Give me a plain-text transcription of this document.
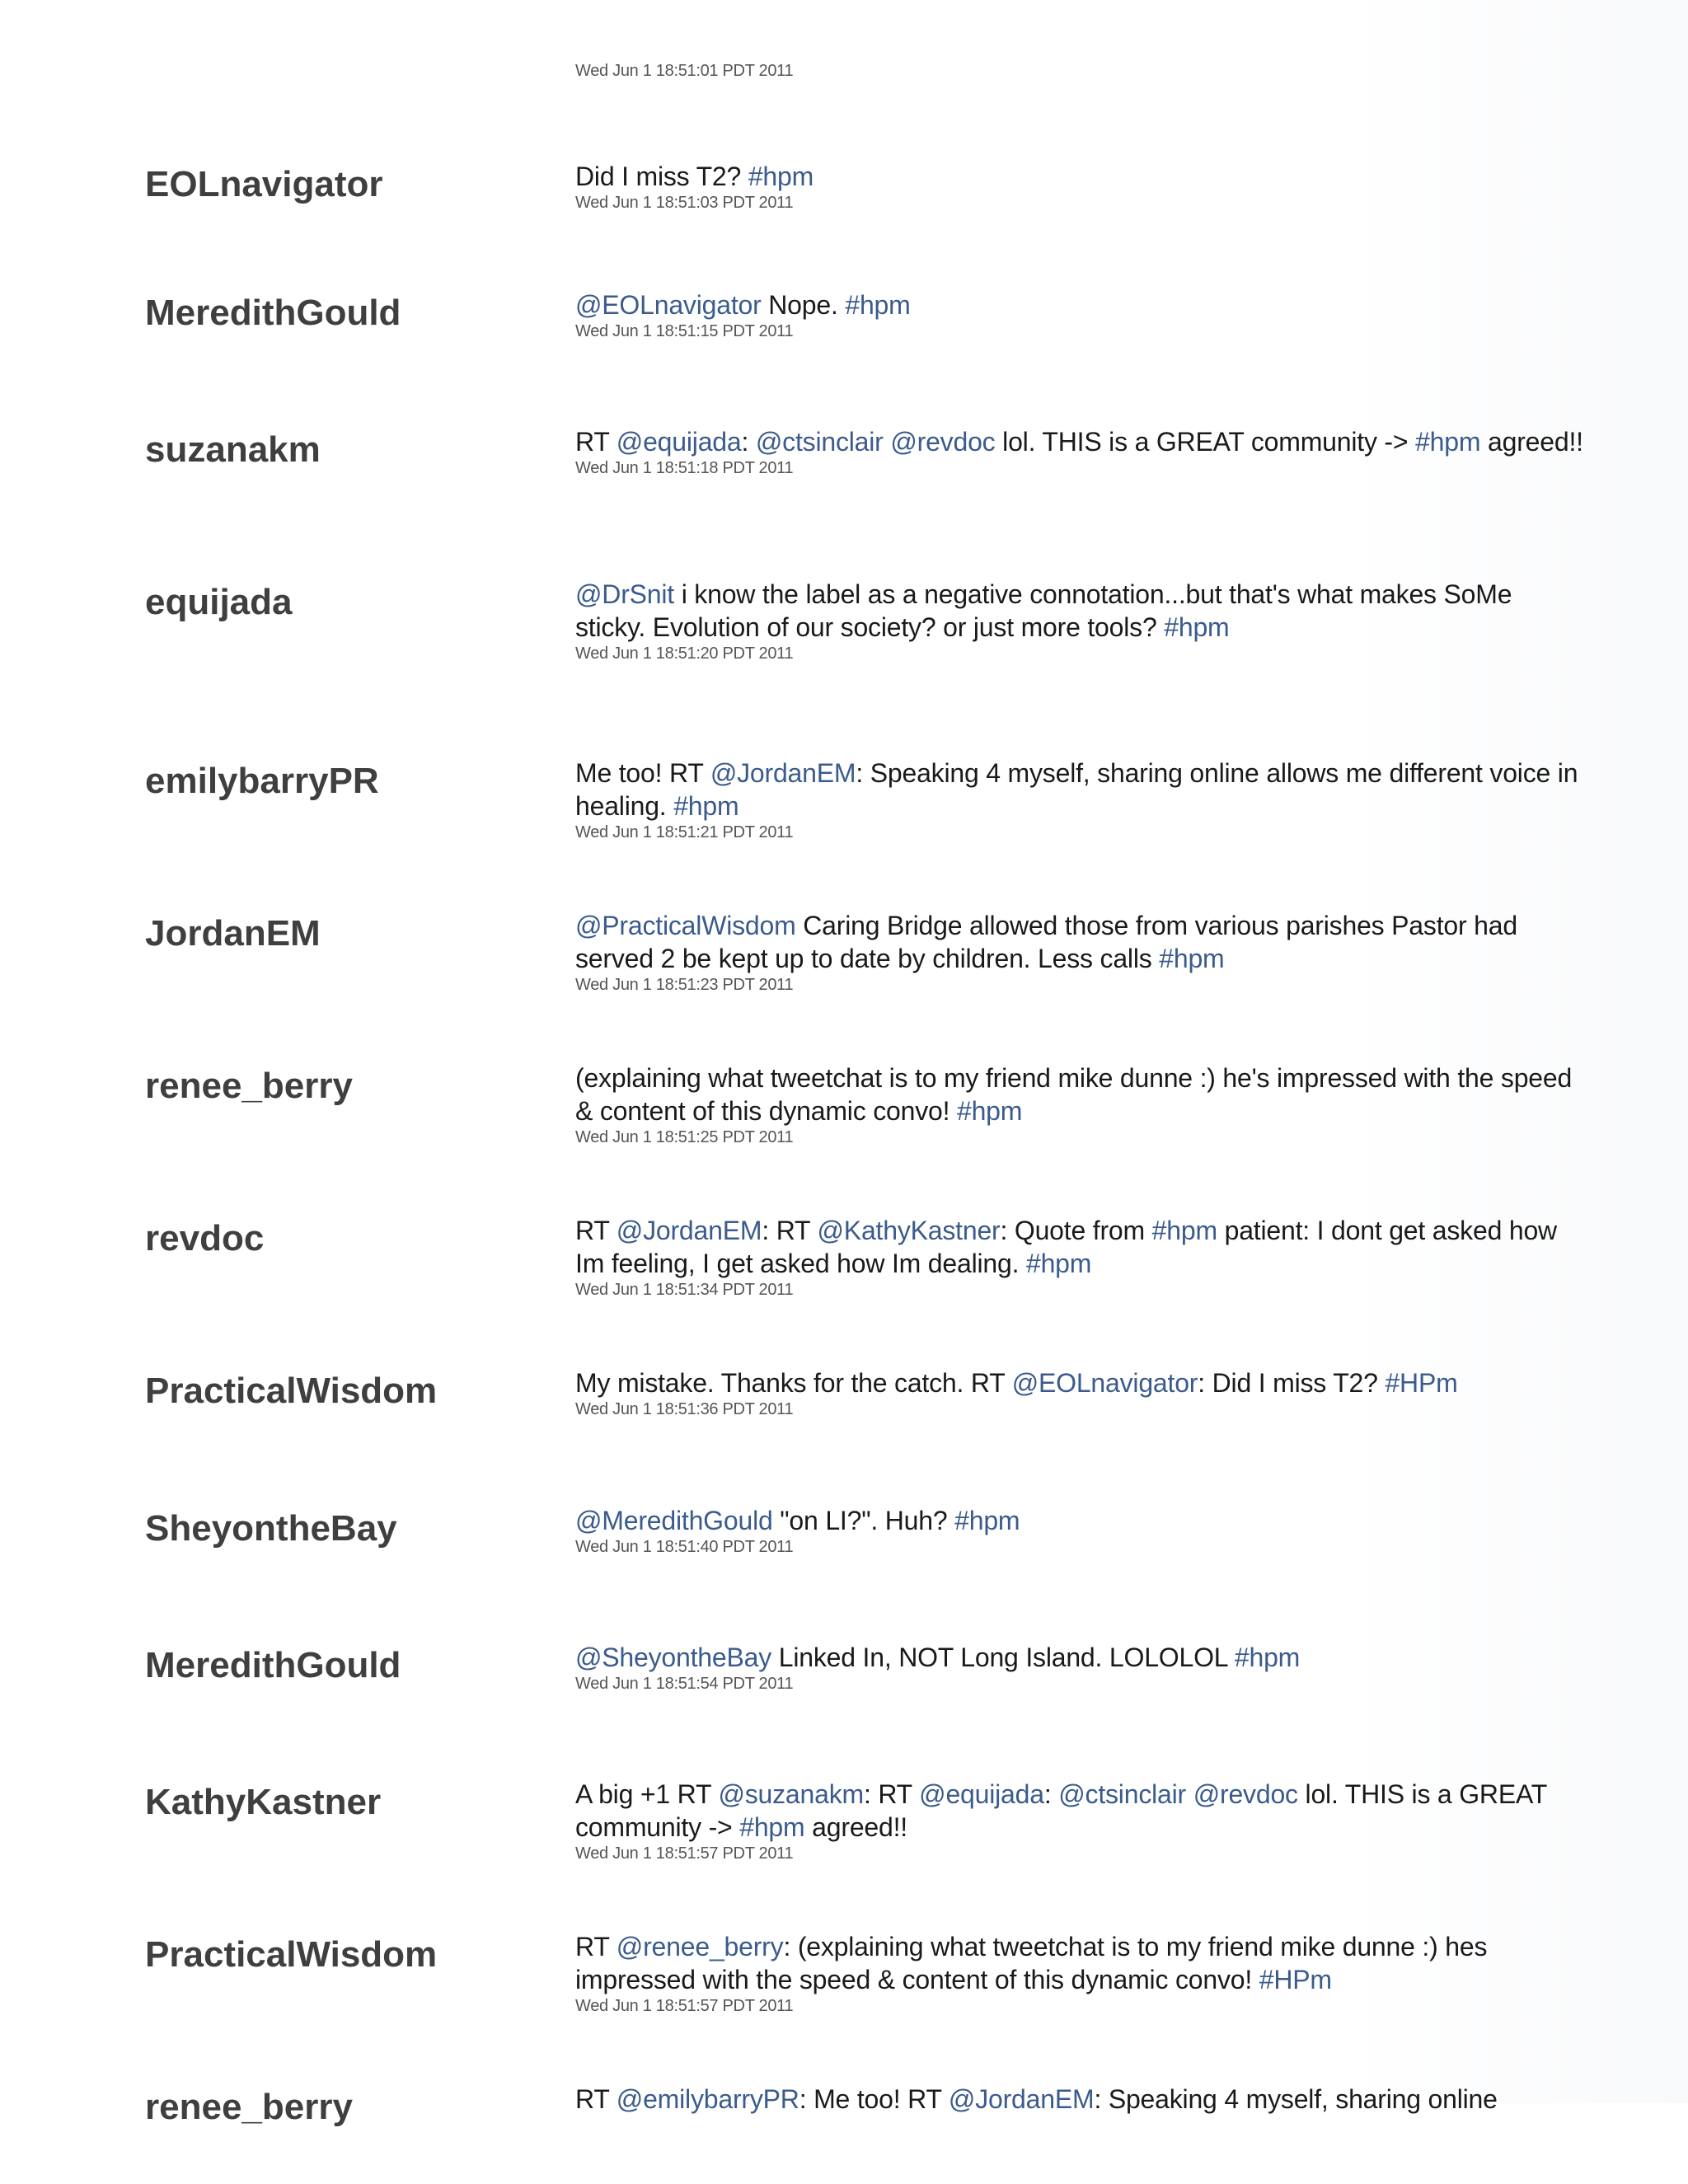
Wed Jun 1 18:51:01 PDT 2011
EOLnavigator	Did I miss T2? #hpm
Wed Jun 1 18:51:03 PDT 2011
MeredithGould	@EOLnavigator Nope. #hpm
Wed Jun 1 18:51:15 PDT 2011
suzanakm	RT @equijada: @ctsinclair @revdoc lol. THIS is a GREAT community -> #hpm agreed!!
Wed Jun 1 18:51:18 PDT 2011
equijada	@DrSnit i know the label as a negative connotation...but that's what makes SoMe sticky. Evolution of our society? or just more tools? #hpm
Wed Jun 1 18:51:20 PDT 2011
emilybarryPR	Me too! RT @JordanEM: Speaking 4 myself, sharing online allows me different voice in healing. #hpm
Wed Jun 1 18:51:21 PDT 2011
JordanEM	@PracticalWisdom Caring Bridge allowed those from various parishes Pastor had served 2 be kept up to date by children. Less calls #hpm
Wed Jun 1 18:51:23 PDT 2011
renee_berry	(explaining what tweetchat is to my friend mike dunne :) he's impressed with the speed & content of this dynamic convo! #hpm
Wed Jun 1 18:51:25 PDT 2011
revdoc	RT @JordanEM: RT @KathyKastner: Quote from #hpm patient: I dont get asked how Im feeling, I get asked how Im dealing. #hpm
Wed Jun 1 18:51:34 PDT 2011
PracticalWisdom	My mistake. Thanks for the catch. RT @EOLnavigator: Did I miss T2? #HPm
Wed Jun 1 18:51:36 PDT 2011
SheyontheBay	@MeredithGould "on LI?". Huh? #hpm
Wed Jun 1 18:51:40 PDT 2011
MeredithGould	@SheyontheBay Linked In, NOT Long Island. LOLOLOL #hpm
Wed Jun 1 18:51:54 PDT 2011
KathyKastner	A big +1 RT @suzanakm: RT @equijada: @ctsinclair @revdoc lol. THIS is a GREAT community -> #hpm agreed!!
Wed Jun 1 18:51:57 PDT 2011
PracticalWisdom	RT @renee_berry: (explaining what tweetchat is to my friend mike dunne :) hes impressed with the speed & content of this dynamic convo! #HPm
Wed Jun 1 18:51:57 PDT 2011
renee_berry	RT @emilybarryPR: Me too! RT @JordanEM: Speaking 4 myself, sharing online
